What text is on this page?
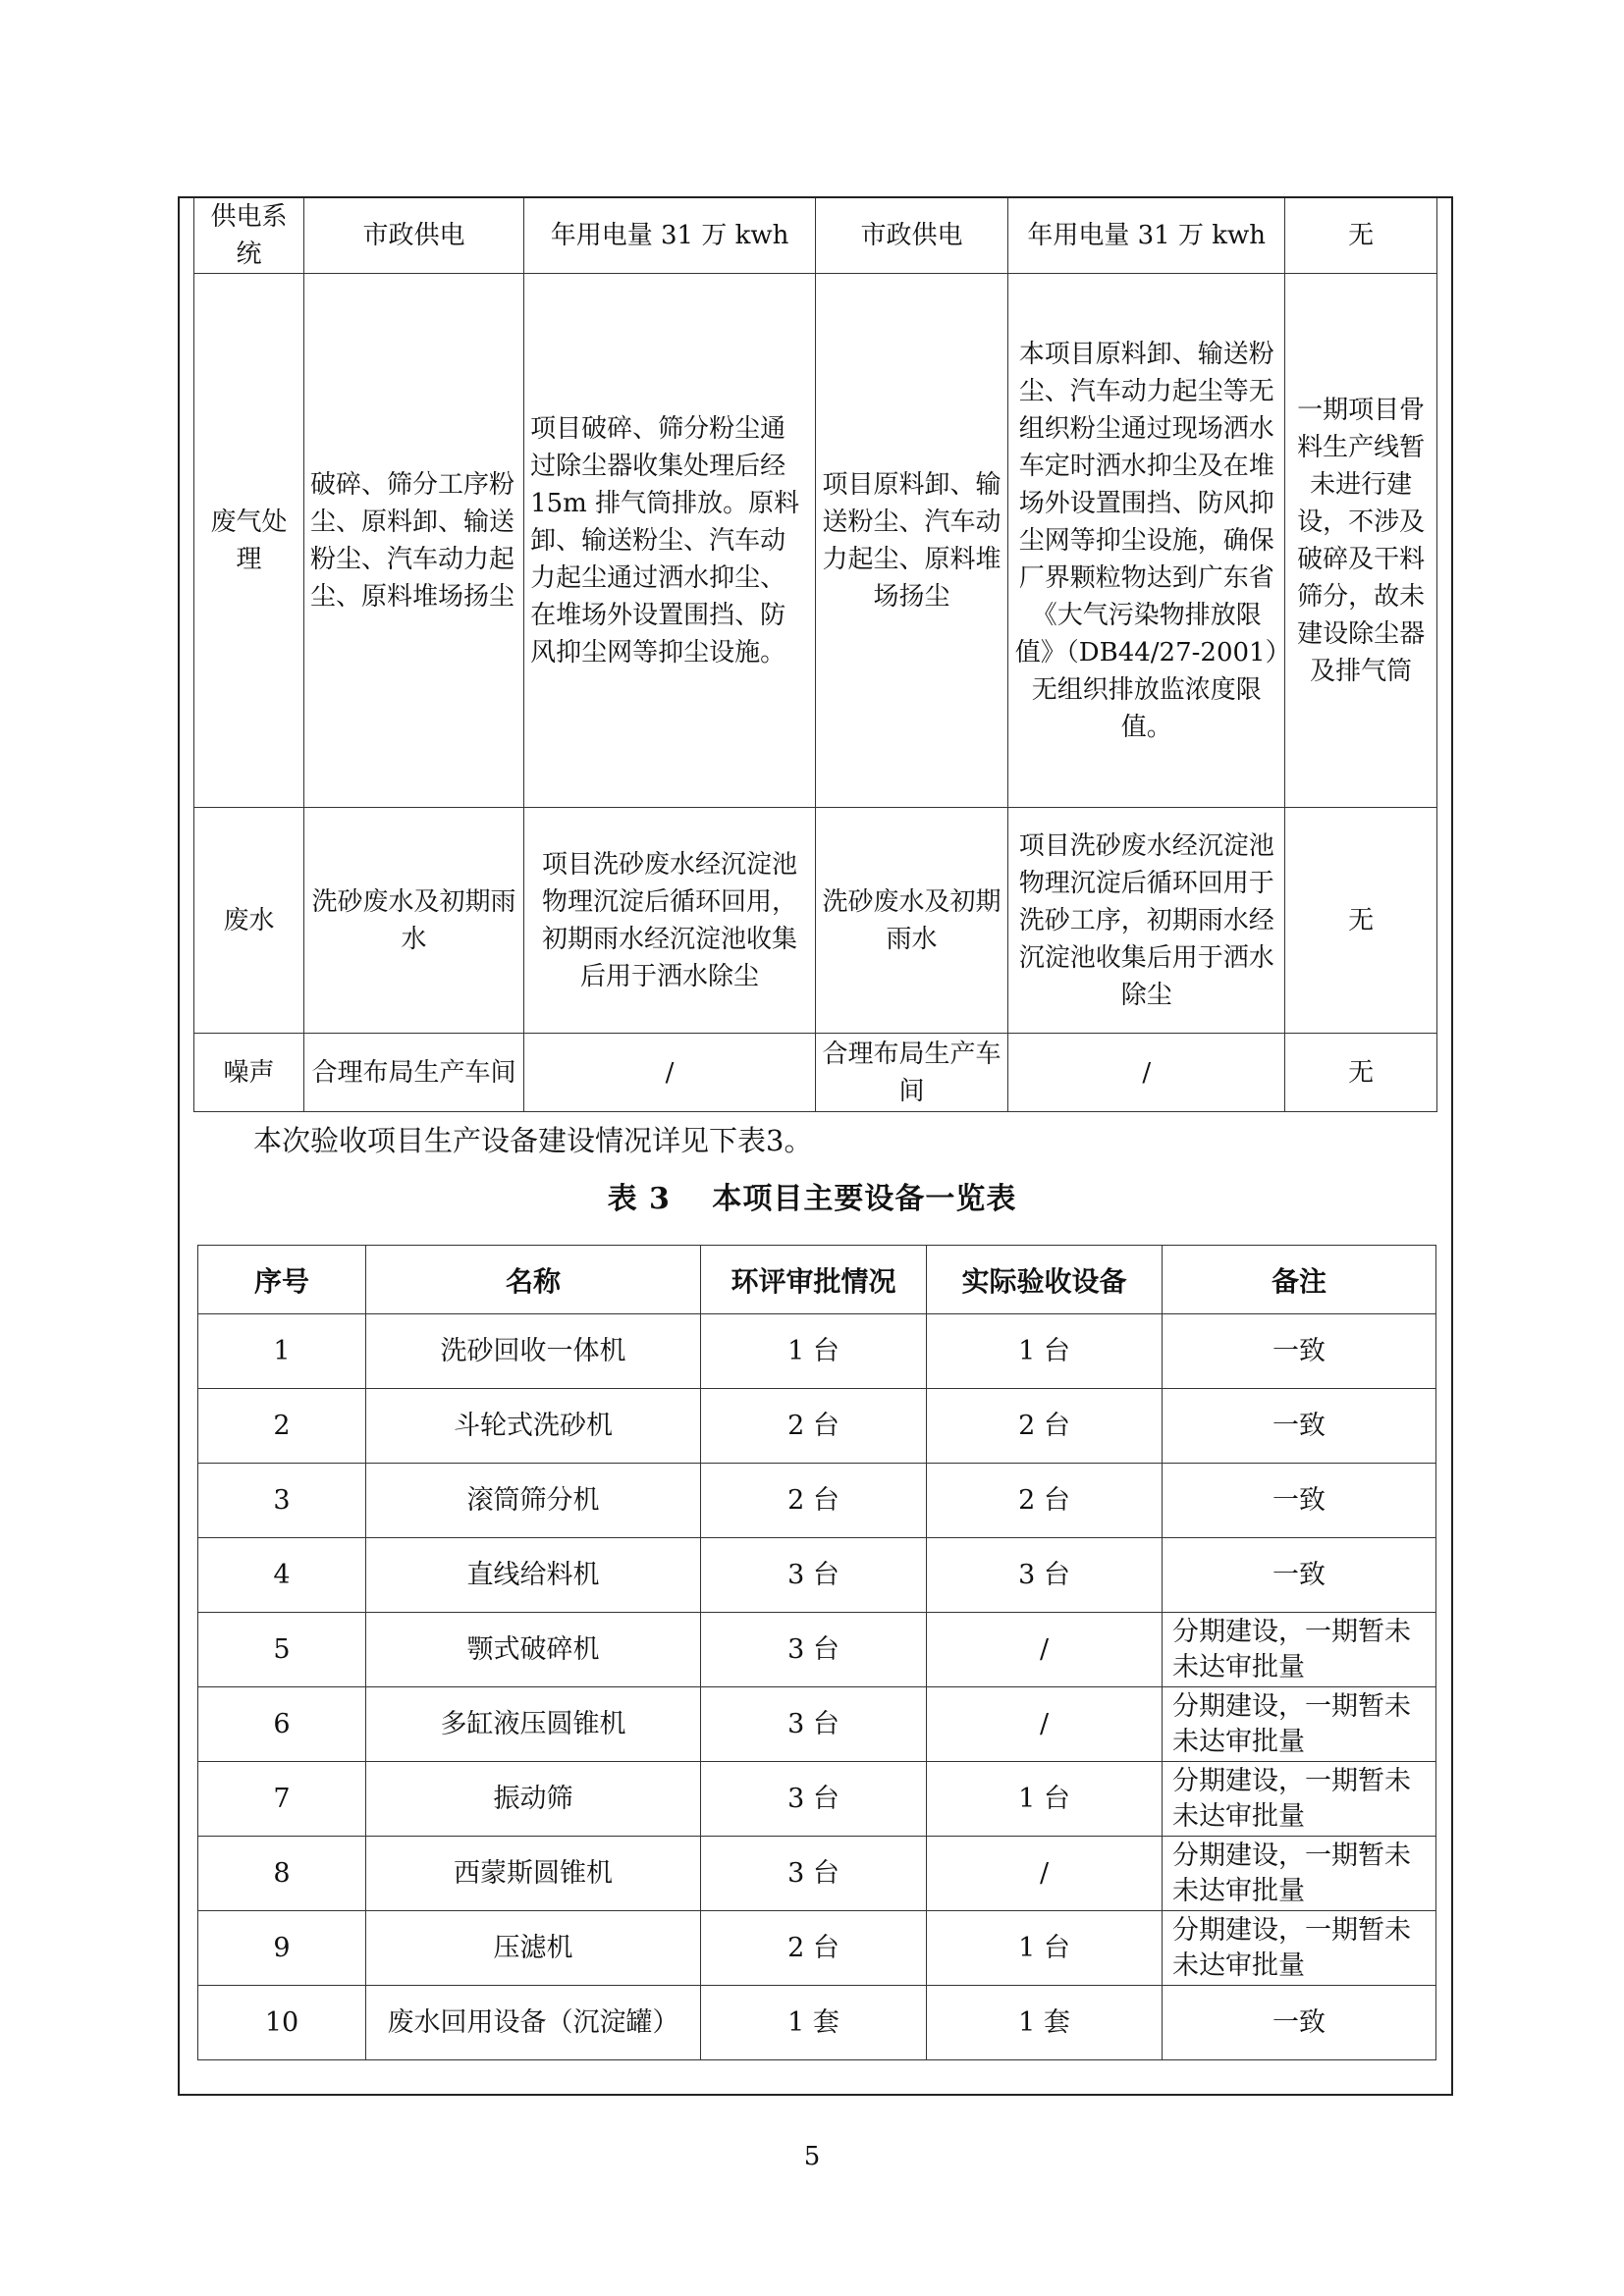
供电系统	市政供电	年用电量 31 万 kwh	市政供电	年用电量 31 万 kwh	无
废气处理	破碎、筛分工序粉尘、原料卸、输送粉尘、汽车动力起尘、原料堆场扬尘	项目破碎、筛分粉尘通过除尘器收集处理后经 15m 排气筒排放。原料卸、输送粉尘、汽车动力起尘通过洒水抑尘、在堆场外设置围挡、防风抑尘网等抑尘设施。	项目原料卸、输送粉尘、汽车动力起尘、原料堆场扬尘	本项目原料卸、输送粉尘、汽车动力起尘等无组织粉尘通过现场洒水车定时洒水抑尘及在堆场外设置围挡、防风抑尘网等抑尘设施，确保厂界颗粒物达到广东省《大气污染物排放限值》（DB44/27-2001）无组织排放监浓度限值。	一期项目骨料生产线暂未进行建设，不涉及破碎及干料筛分，故未建设除尘器及排气筒
废水	洗砂废水及初期雨水	项目洗砂废水经沉淀池物理沉淀后循环回用，初期雨水经沉淀池收集后用于洒水除尘	洗砂废水及初期雨水	项目洗砂废水经沉淀池物理沉淀后循环回用于洗砂工序，初期雨水经沉淀池收集后用于洒水除尘	无
噪声	合理布局生产车间	/	合理布局生产车间	/	无
本次验收项目生产设备建设情况详见下表3。
表 3　 本项目主要设备一览表
序号	名称	环评审批情况	实际验收设备	备注
1	洗砂回收一体机	1 台	1 台	一致
2	斗轮式洗砂机	2 台	2 台	一致
3	滚筒筛分机	2 台	2 台	一致
4	直线给料机	3 台	3 台	一致
5	颚式破碎机	3 台	/	分期建设，一期暂未未达审批量
6	多缸液压圆锥机	3 台	/	分期建设，一期暂未未达审批量
7	振动筛	3 台	1 台	分期建设，一期暂未未达审批量
8	西蒙斯圆锥机	3 台	/	分期建设，一期暂未未达审批量
9	压滤机	2 台	1 台	分期建设，一期暂未未达审批量
10	废水回用设备（沉淀罐）	1 套	1 套	一致
5
